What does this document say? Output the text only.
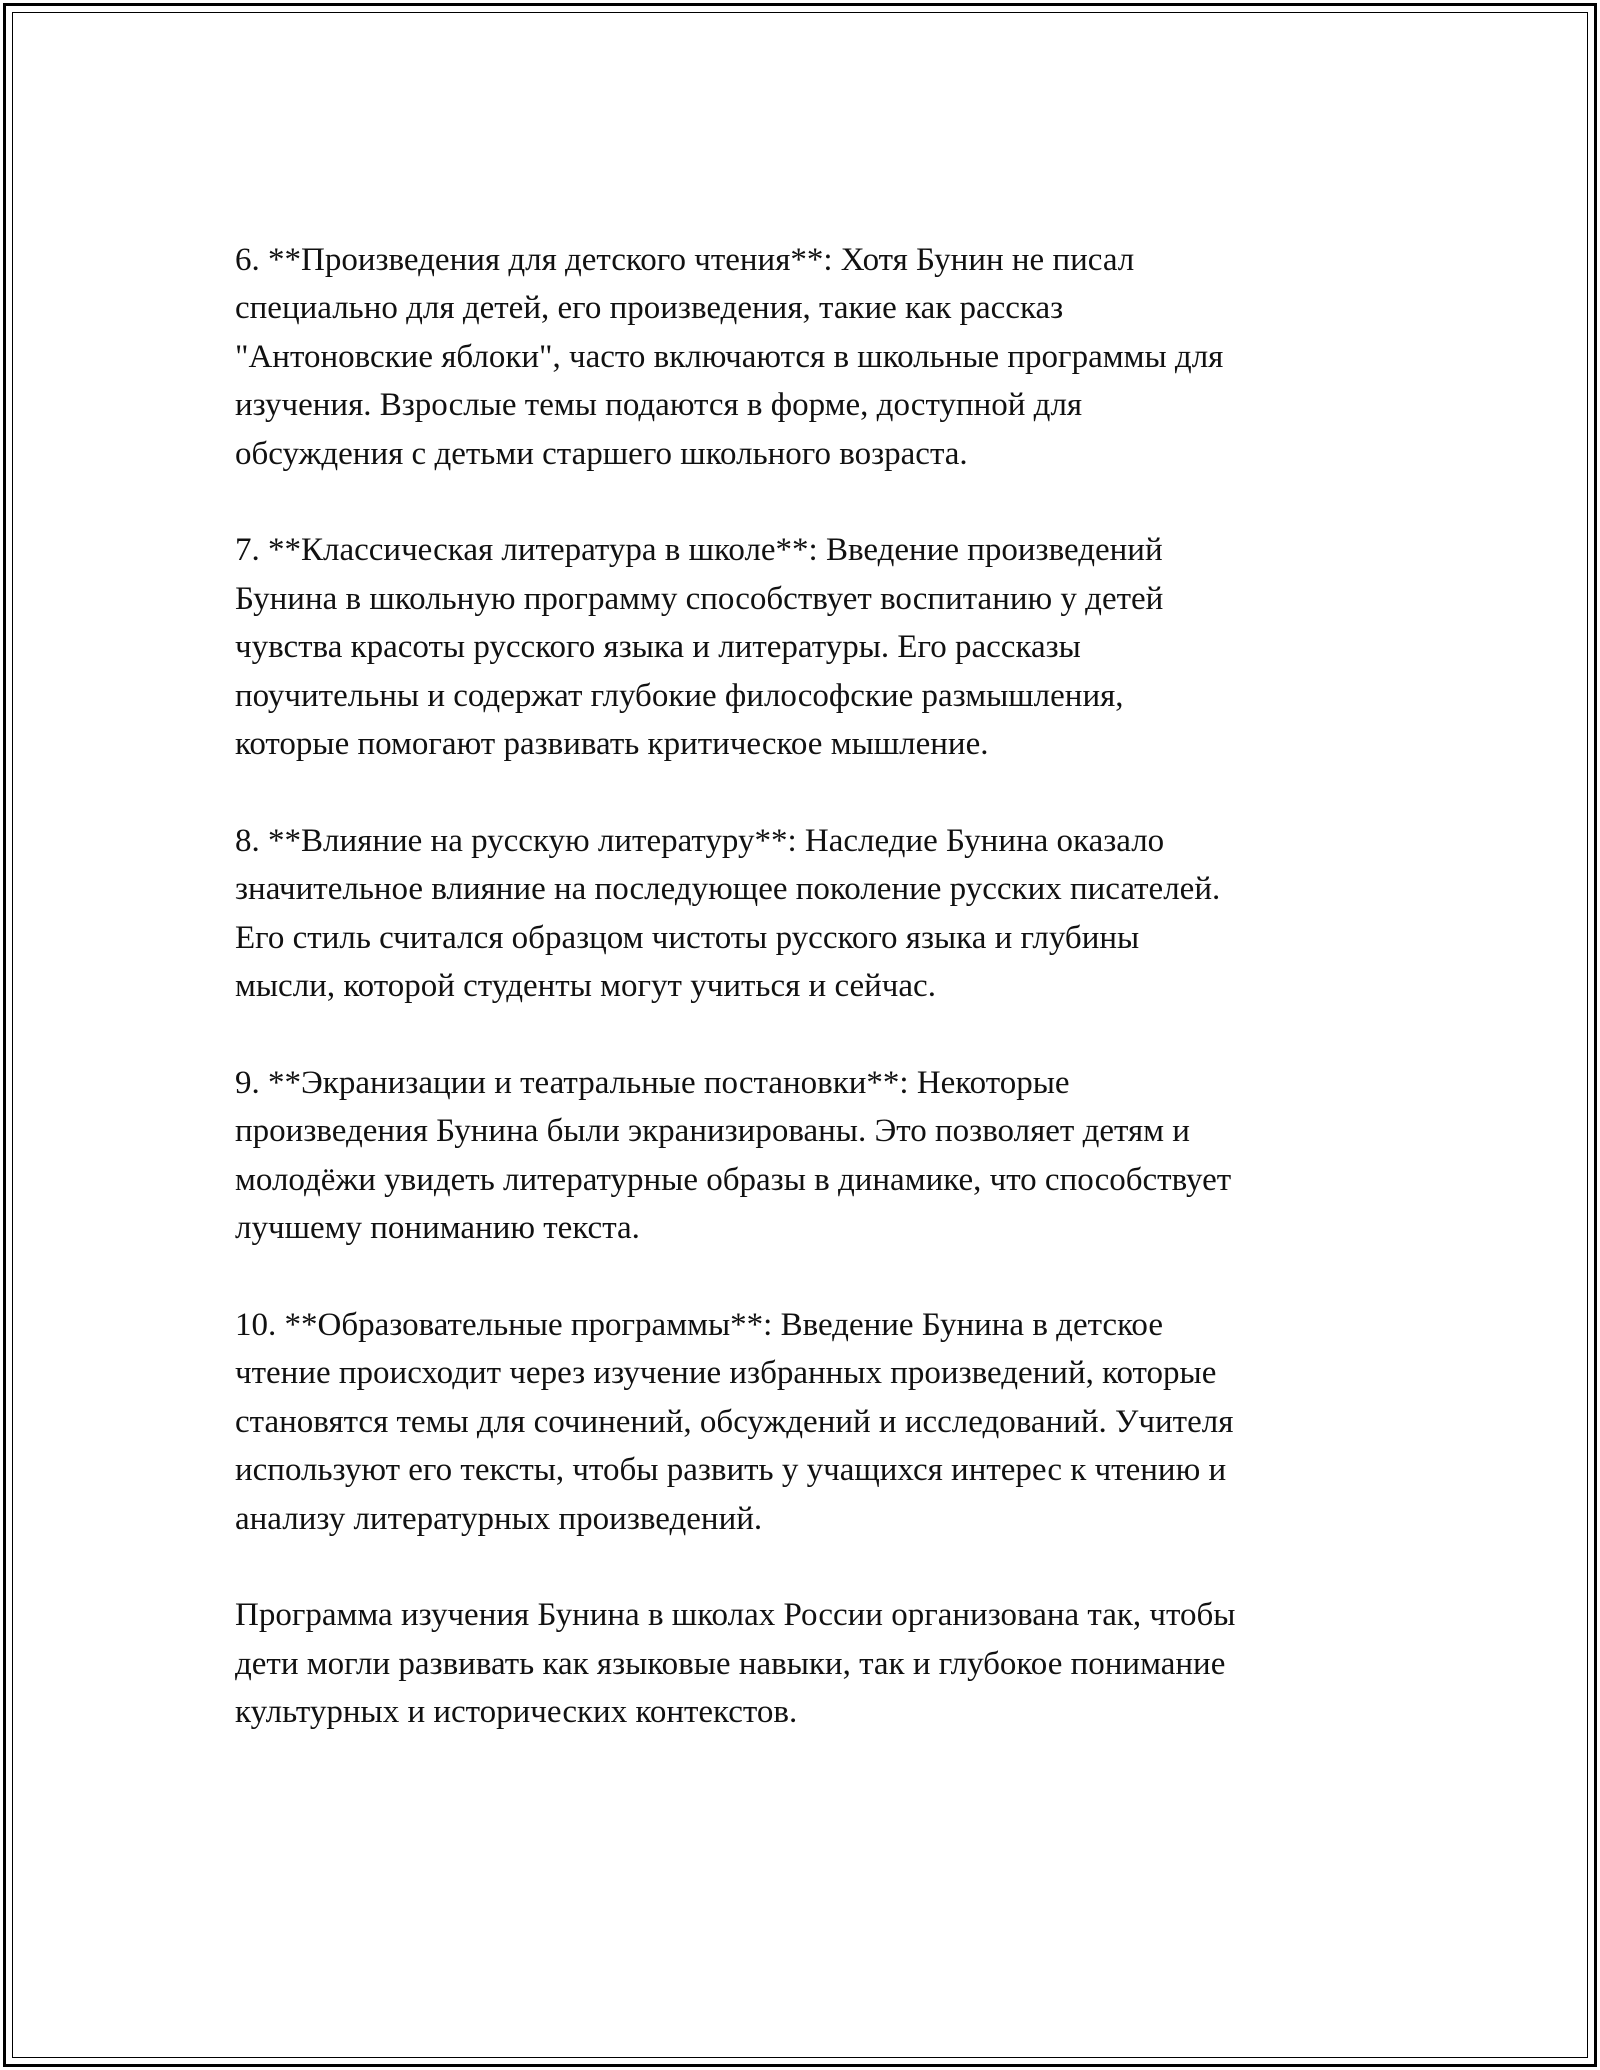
6. **Произведения для детского чтения**: Хотя Бунин не писал
специально для детей, его произведения, такие как рассказ
"Антоновские яблоки", часто включаются в школьные программы для
изучения. Взрослые темы подаются в форме, доступной для
обсуждения с детьми старшего школьного возраста.

7. **Классическая литература в школе**: Введение произведений
Бунина в школьную программу способствует воспитанию у детей
чувства красоты русского языка и литературы. Его рассказы
поучительны и содержат глубокие философские размышления,
которые помогают развивать критическое мышление.

8. **Влияние на русскую литературу**: Наследие Бунина оказало
значительное влияние на последующее поколение русских писателей.
Его стиль считался образцом чистоты русского языка и глубины
мысли, которой студенты могут учиться и сейчас.

9. **Экранизации и театральные постановки**: Некоторые
произведения Бунина были экранизированы. Это позволяет детям и
молодёжи увидеть литературные образы в динамике, что способствует
лучшему пониманию текста.

10. **Образовательные программы**: Введение Бунина в детское
чтение происходит через изучение избранных произведений, которые
становятся темы для сочинений, обсуждений и исследований. Учителя
используют его тексты, чтобы развить у учащихся интерес к чтению и
анализу литературных произведений.

Программа изучения Бунина в школах России организована так, чтобы
дети могли развивать как языковые навыки, так и глубокое понимание
культурных и исторических контекстов.
